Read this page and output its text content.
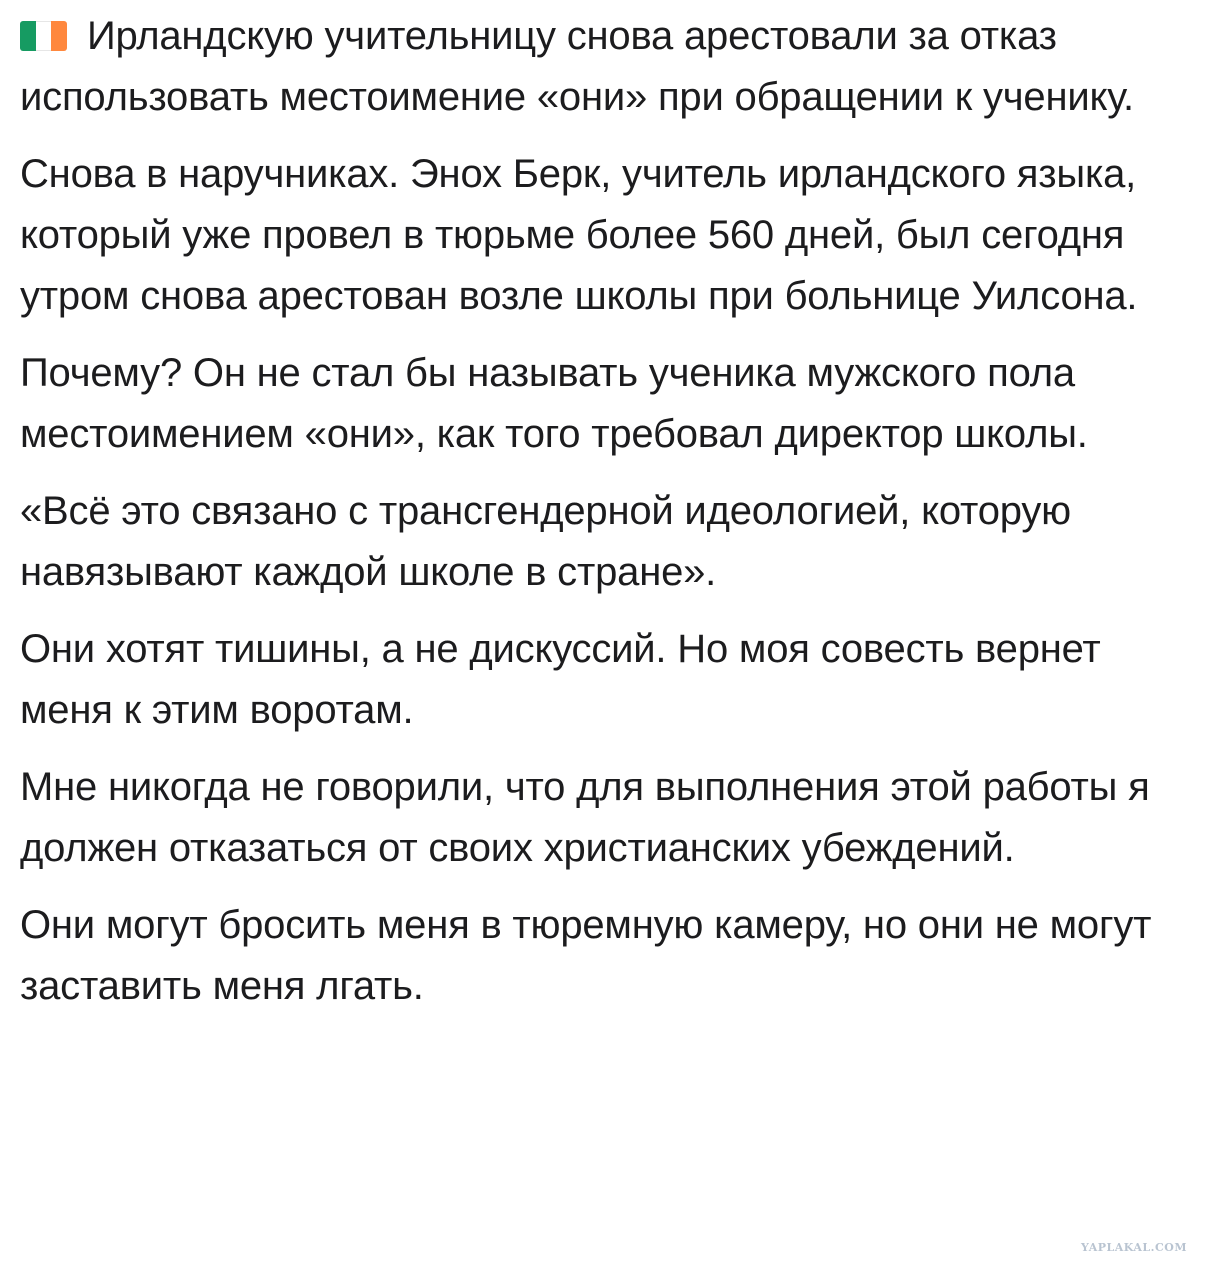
Ирландскую учительницу снова арестовали за отказ использовать местоимение «они» при обращении к ученику.

Снова в наручниках. Энох Берк, учитель ирландского языка, который уже провел в тюрьме более 560 дней, был сегодня утром снова арестован возле школы при больнице Уилсона.

Почему? Он не стал бы называть ученика мужского пола местоимением «они», как того требовал директор школы.

«Всё это связано с трансгендерной идеологией, которую навязывают каждой школе в стране».

Они хотят тишины, а не дискуссий. Но моя совесть вернет меня к этим воротам.

Мне никогда не говорили, что для выполнения этой работы я должен отказаться от своих христианских убеждений.

Они могут бросить меня в тюремную камеру, но они не могут заставить меня лгать.

YAPLAKAL.COM
